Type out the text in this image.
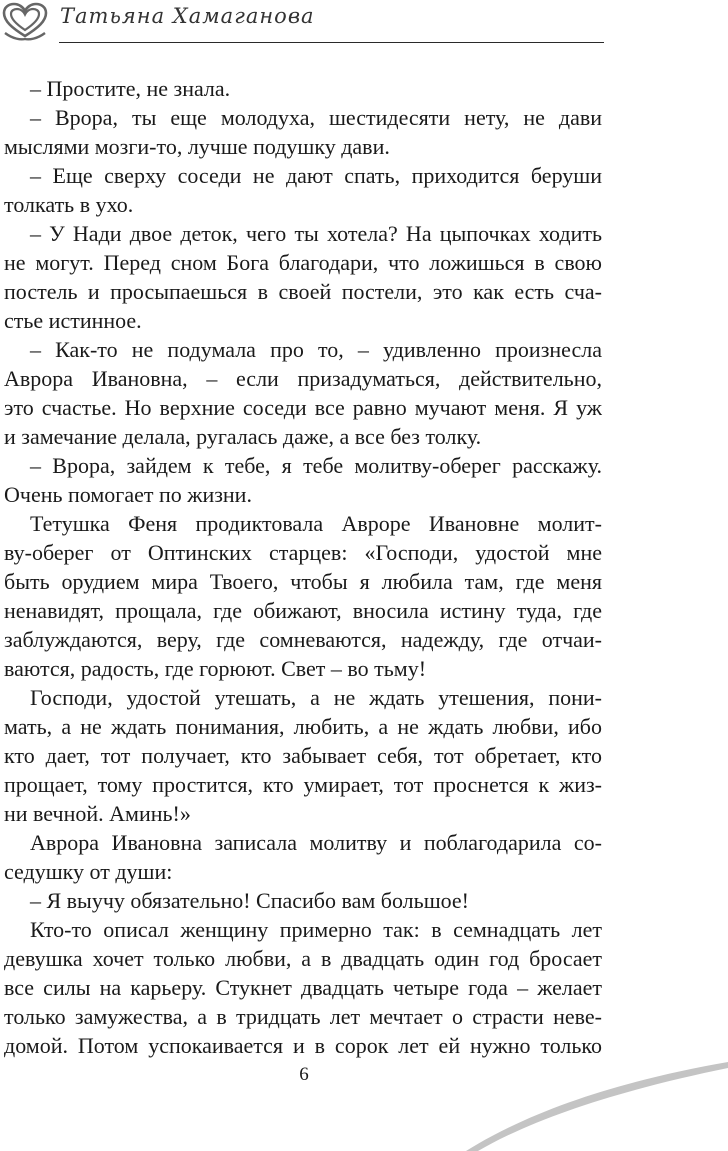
Татьяна Хамаганова
– Простите, не знала.
– Врора, ты еще молодуха, шестидесяти нету, не дави
мыслями мозги-то, лучше подушку дави.
– Еще сверху соседи не дают спать, приходится беруши
толкать в ухо.
– У Нади двое деток, чего ты хотела? На цыпочках ходить
не могут. Перед сном Бога благодари, что ложишься в свою
постель и просыпаешься в своей постели, это как есть сча-
стье истинное.
– Как-то не подумала про то, – удивленно произнесла
Аврора Ивановна, – если призадуматься, действительно,
это счастье. Но верхние соседи все равно мучают меня. Я уж
и замечание делала, ругалась даже, а все без толку.
– Врора, зайдем к тебе, я тебе молитву-оберег расскажу.
Очень помогает по жизни.
Тетушка Феня продиктовала Авроре Ивановне молит-
ву-оберег от Оптинских старцев: «Господи, удостой мне
быть орудием мира Твоего, чтобы я любила там, где меня
ненавидят, прощала, где обижают, вносила истину туда, где
заблуждаются, веру, где сомневаются, надежду, где отчаи-
ваются, радость, где горюют. Свет – во тьму!
Господи, удостой утешать, а не ждать утешения, пони-
мать, а не ждать понимания, любить, а не ждать любви, ибо
кто дает, тот получает, кто забывает себя, тот обретает, кто
прощает, тому простится, кто умирает, тот проснется к жиз-
ни вечной. Аминь!»
Аврора Ивановна записала молитву и поблагодарила со-
седушку от души:
– Я выучу обязательно! Спасибо вам большое!
Кто-то описал женщину примерно так: в семнадцать лет
девушка хочет только любви, а в двадцать один год бросает
все силы на карьеру. Стукнет двадцать четыре года – желает
только замужества, а в тридцать лет мечтает о страсти неве-
домой. Потом успокаивается и в сорок лет ей нужно только
6
